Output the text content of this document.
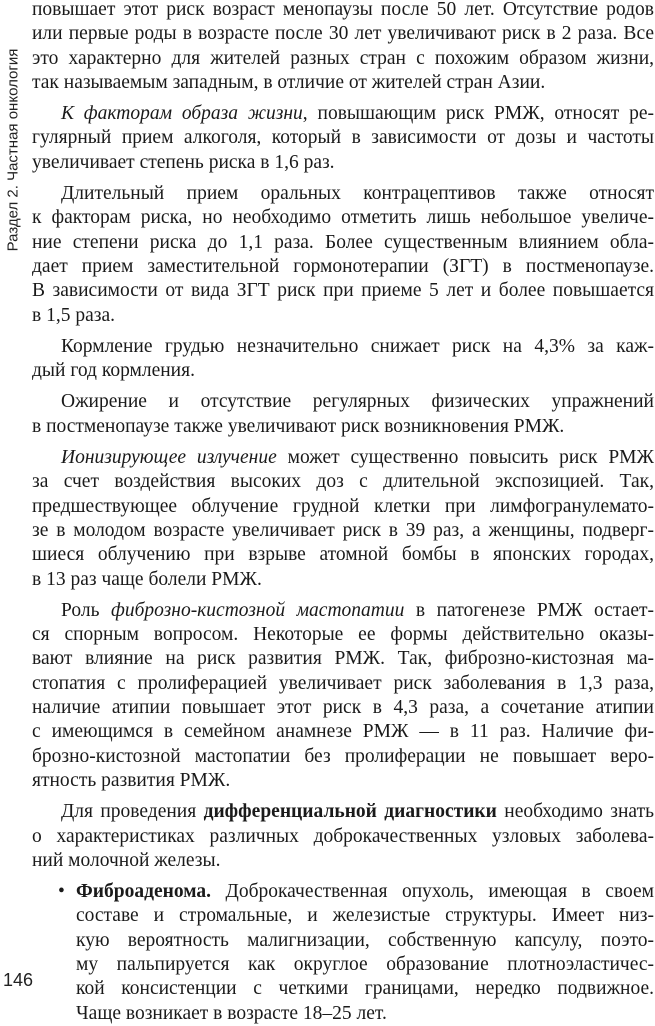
Раздел 2. Частная онкология

повышает этот риск возраст менопаузы после 50 лет. Отсутствие родов
или первые роды в возрасте после 30 лет увеличивают риск в 2 раза. Все
это характерно для жителей разных стран с похожим образом жизни,
так называемым западным, в отличие от жителей стран Азии.

К факторам образа жизни, повышающим риск РМЖ, относят ре-
гулярный прием алкоголя, который в зависимости от дозы и частоты
увеличивает степень риска в 1,6 раз.

Длительный прием оральных контрацептивов также относят
к факторам риска, но необходимо отметить лишь небольшое увеличе-
ние степени риска до 1,1 раза. Более существенным влиянием обла-
дает прием заместительной гормонотерапии (ЗГТ) в постменопаузе.
В зависимости от вида ЗГТ риск при приеме 5 лет и более повышается
в 1,5 раза.

Кормление грудью незначительно снижает риск на 4,3% за каж-
дый год кормления.

Ожирение и отсутствие регулярных физических упражнений
в постменопаузе также увеличивают риск возникновения РМЖ.

Ионизирующее излучение может существенно повысить риск РМЖ
за счет воздействия высоких доз с длительной экспозицией. Так,
предшествующее облучение грудной клетки при лимфогранулемато-
зе в молодом возрасте увеличивает риск в 39 раз, а женщины, подверг-
шиеся облучению при взрыве атомной бомбы в японских городах,
в 13 раз чаще болели РМЖ.

Роль фиброзно-кистозной мастопатии в патогенезе РМЖ остает-
ся спорным вопросом. Некоторые ее формы действительно оказы-
вают влияние на риск развития РМЖ. Так, фиброзно-кистозная ма-
стопатия с пролиферацией увеличивает риск заболевания в 1,3 раза,
наличие атипии повышает этот риск в 4,3 раза, а сочетание атипии
с имеющимся в семейном анамнезе РМЖ — в 11 раз. Наличие фи-
брозно-кистозной мастопатии без пролиферации не повышает веро-
ятность развития РМЖ.

Для проведения дифференциальной диагностики необходимо знать
о характеристиках различных доброкачественных узловых заболева-
ний молочной железы.

• Фиброаденома. Доброкачественная опухоль, имеющая в своем
составе и стромальные, и железистые структуры. Имеет низ-
кую вероятность малигнизации, собственную капсулу, поэто-
му пальпируется как округлое образование плотноэластичес-
кой консистенции с четкими границами, нередко подвижное.
Чаще возникает в возрасте 18–25 лет.

146
